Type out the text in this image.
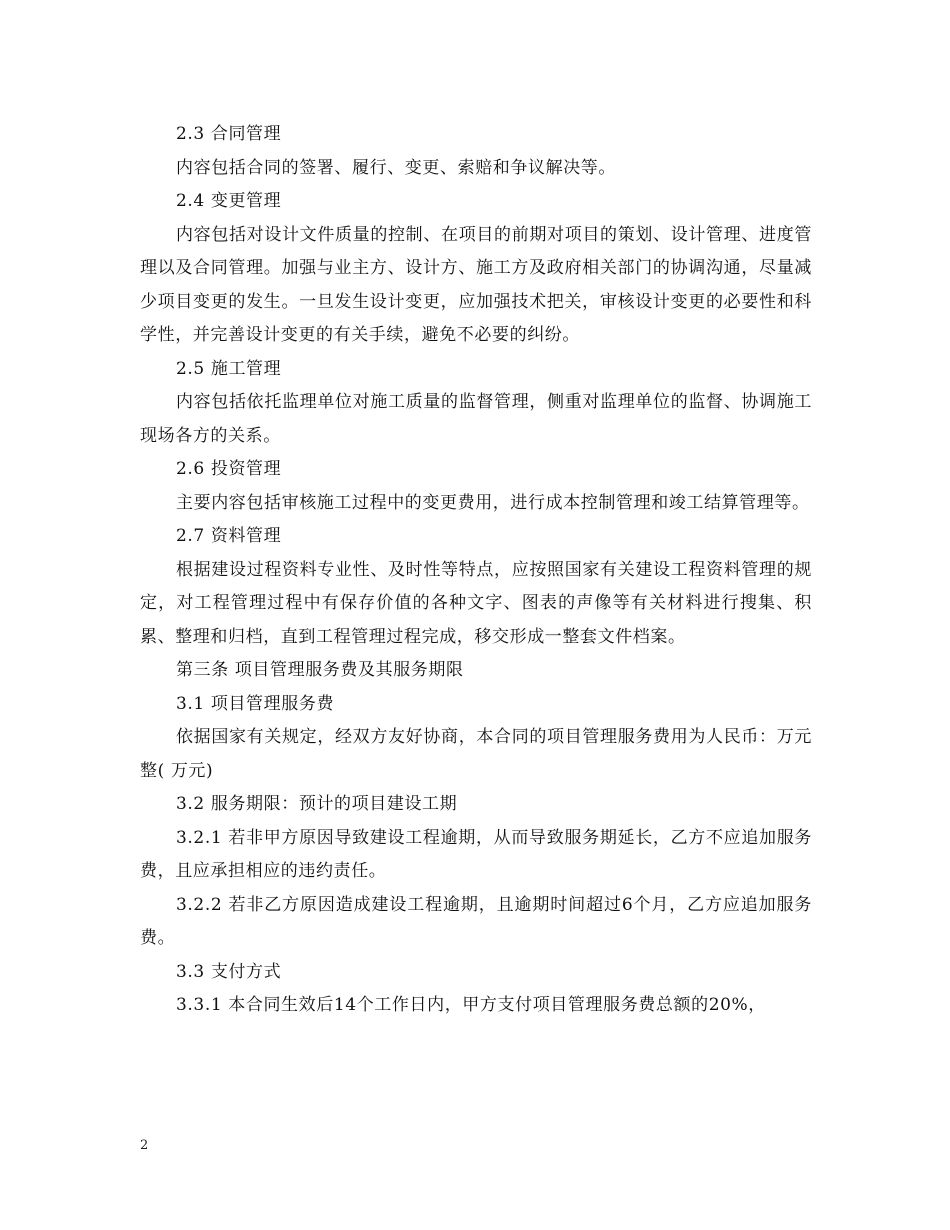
2.3 合同管理

内容包括合同的签署、履行、变更、索赔和争议解决等。

2.4 变更管理

内容包括对设计文件质量的控制、在项目的前期对项目的策划、设计管理、进度管理以及合同管理。加强与业主方、设计方、施工方及政府相关部门的协调沟通，尽量减少项目变更的发生。一旦发生设计变更，应加强技术把关，审核设计变更的必要性和科学性，并完善设计变更的有关手续，避免不必要的纠纷。

2.5 施工管理

内容包括依托监理单位对施工质量的监督管理，侧重对监理单位的监督、协调施工现场各方的关系。

2.6 投资管理

主要内容包括审核施工过程中的变更费用，进行成本控制管理和竣工结算管理等。

2.7 资料管理

根据建设过程资料专业性、及时性等特点，应按照国家有关建设工程资料管理的规定，对工程管理过程中有保存价值的各种文字、图表的声像等有关材料进行搜集、积累、整理和归档，直到工程管理过程完成，移交形成一整套文件档案。

第三条 项目管理服务费及其服务期限

3.1 项目管理服务费

依据国家有关规定，经双方友好协商，本合同的项目管理服务费用为人民币：万元整( 万元)

3.2 服务期限：预计的项目建设工期

3.2.1 若非甲方原因导致建设工程逾期，从而导致服务期延长，乙方不应追加服务费，且应承担相应的违约责任。

3.2.2 若非乙方原因造成建设工程逾期，且逾期时间超过6个月，乙方应追加服务费。

3.3 支付方式

3.3.1 本合同生效后14个工作日内，甲方支付项目管理服务费总额的20%，

2
